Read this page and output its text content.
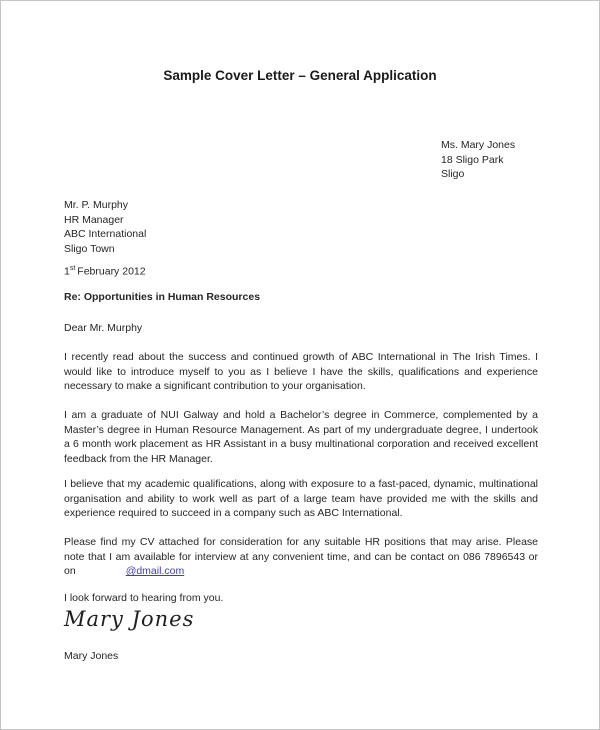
Sample Cover Letter – General Application
Ms. Mary Jones
18 Sligo Park
Sligo
Mr. P. Murphy
HR Manager
ABC International
Sligo Town
1st February 2012
Re: Opportunities in Human Resources
Dear Mr. Murphy

I recently read about the success and continued growth of ABC International in The Irish Times. I would like to introduce myself to you as I believe I have the skills, qualifications and experience necessary to make a significant contribution to your organisation.

I am a graduate of NUI Galway and hold a Bachelor’s degree in Commerce, complemented by a Master’s degree in Human Resource Management. As part of my undergraduate degree, I undertook a 6 month work placement as HR Assistant in a busy multinational corporation and received excellent feedback from the HR Manager.

I believe that my academic qualifications, along with exposure to a fast-paced, dynamic, multinational organisation and ability to work well as part of a large team have provided me with the skills and experience required to succeed in a company such as ABC International.

Please find my CV attached for consideration for any suitable HR positions that may arise. Please note that I am available for interview at any convenient time, and can be contact on 086 7896543 or on	@dmail.com

I look forward to hearing from you.

Mary Jones
Mary Jones
